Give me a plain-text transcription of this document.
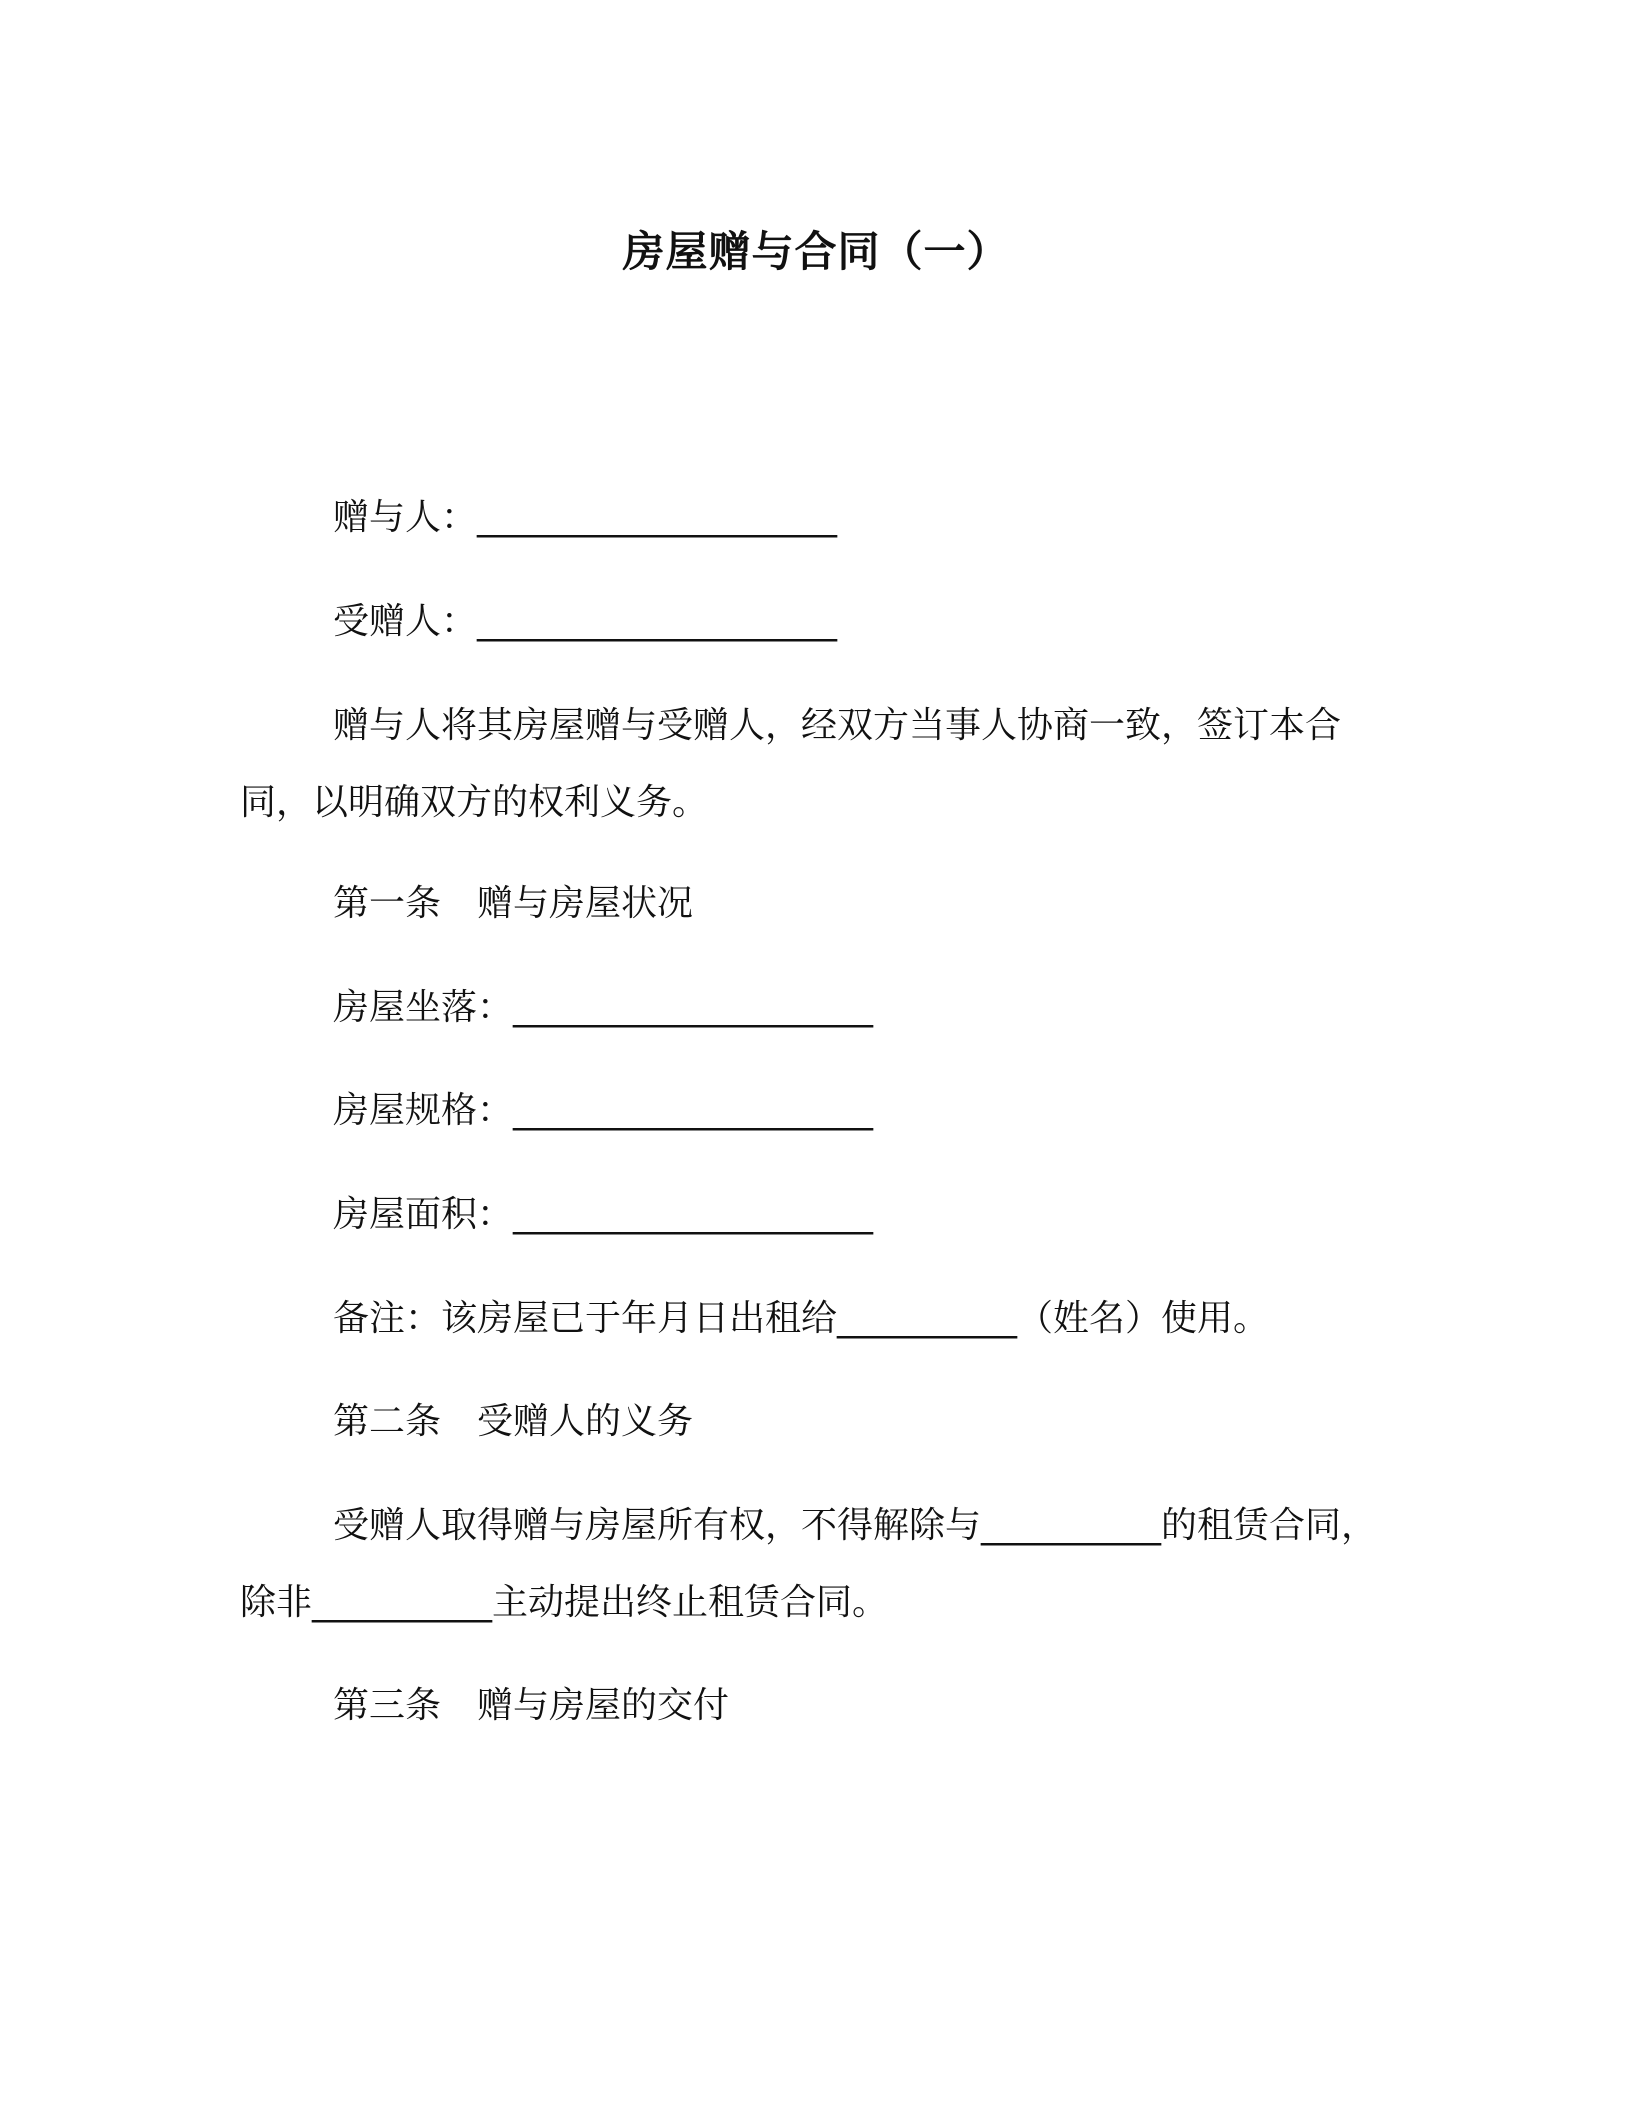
房屋赠与合同（一）
赠与人：____________________
受赠人：____________________
赠与人将其房屋赠与受赠人，经双方当事人协商一致，签订本合
同，以明确双方的权利义务。
第一条　赠与房屋状况
房屋坐落：____________________
房屋规格：____________________
房屋面积：____________________
备注：该房屋已于年月日出租给__________（姓名）使用。
第二条　受赠人的义务
受赠人取得赠与房屋所有权，不得解除与__________的租赁合同，
除非__________主动提出终止租赁合同。
第三条　赠与房屋的交付
